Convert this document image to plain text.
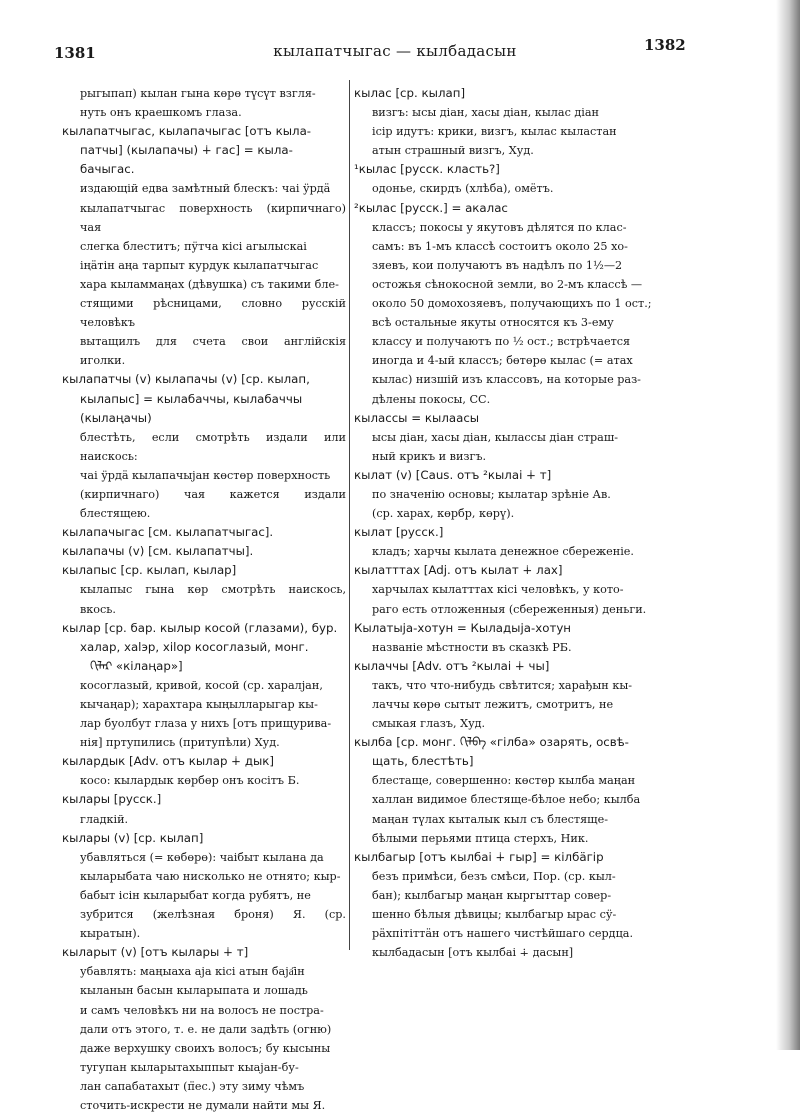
1381	кылапатчыгас — кылбадасын	1382
рыгыпап) кылан гына көрө түсүт взгля-
нуть онъ краешкомъ глаза.
кылапатчыгас, кылапачыгас [отъ кыла-
патчы] (кылапачы) ∔ гас] = кыла-
бачыгас.
издающій едва замѣтный блескъ: чаі ӱрдӓ
кылапатчыгас поверхность (кирпичнаго) чая
слегка блеститъ; пӱтча кісі агылыскаі
іңӓтін аңа тарпыт курдук кылапатчыгас
хара кыламмаңах (дѣвушка) съ такими бле-
стящими рѣсницами, словно русскій человѣкъ
вытащилъ для счета свои англійскія иголки.
кылапатчы (v) кылапачы (v) [ср. кылап,
кылапыс] = кылабаччы, кылабаччы
(кылаңачы)
блестѣть, если смотрѣть издали или наискось:
чаі ӱрдӓ кылапачыјан көстөр поверхность
(кирпичнаго) чая кажется издали блестящею.
кылапачыгас [см. кылапатчыгас].
кылапачы (v) [см. кылапатчы].
кылапыс [ср. кылап, кылар]
кылапыс гына көр смотрѣть наискось, вкось.
кылар [ср. бар. кылыр косой (глазами), бур.
халар, хаlэр, хіlор косоглазый, монг.
ᠬᠢᠯᠠᠷ «кілаңар»]
косоглазый, кривой, косой (ср. харалјан,
кычаңар); харахтара кыңылларыгар кы-
лар буолбут глаза у нихъ [отъ прищурива-
нія] пртупились (притупѣли) Худ.
кылардык [Adv. отъ кылар ∔ дык]
косо: кылардык көрбөр онъ косітъ Б.
кылары [русск.]
гладкій.
кылары (v) [ср. кылап]
убавляться (= көбөрө): чаібыт кылана да
кыларыбата чаю нисколько не отнято; кыр-
бабыт ісін кыларыбат когда рубятъ, не
зубрится (желѣзная броня) Я. (ср. кыратын).
кыларыт (v) [отъ кылары ∔ т]
убавлять: маңыаха аја кісі атын баја҃ін
кыланын басын кыларыпата и лошадь
и самъ человѣкъ ни на волосъ не постра-
дали отъ этого, т. е. не дали задѣть (огню)
даже верхушку своихъ волосъ; бу кысыны
тугупан кыларытахыппыт кыаjан-бу-
лан сапабатахыт (п̈ес.) эту зиму чѣмъ
сточить-искрести не думали найти мы Я.
кылас [ср. кылап]
визгъ: ысы діан, хасы діан, кылас діан
ісір идутъ: крики, визгъ, кылас кыластан
атын страшный визгъ, Худ.
¹кылас [русск. класть?]
одонье, скирдъ (хлѣба), омётъ.
²кылас [русск.] = акалас
классъ; покосы у якутовъ дѣлятся по клас-
самъ: въ 1-мъ классѣ состоитъ около 25 хо-
зяевъ, кои получаютъ въ надѣлъ по 1½—2
остожья сѣнокосной земли, во 2-мъ классѣ —
около 50 домохозяевъ, получающихъ по 1 ост.;
всѣ остальные якуты относятся къ 3-ему
классу и получаютъ по ½ ост.; встрѣчается
иногда и 4-ый классъ; бөтөрө кылас (= атах
кылас) низшій изъ классовъ, на которые раз-
дѣлены покосы, СС.
кылассы = кылаасы
ысы діан, хасы діан, кылассы діан страш-
ный крикъ и визгъ.
кылат (v) [Caus. отъ ²кылаі ∔ т]
по значенію основы; кылатар зрѣніе Ав.
(ср. харах, көрбр, көрү).
кылат [русск.]
кладъ; харчы кылата денежное сбереженіе.
кылатттах [Adj. отъ кылат ∔ лах]
харчылах кылатттах кісі человѣкъ, у кото-
раго есть отложенныя (сбереженныя) деньги.
Кылатыја-хотун = Кыладыја-хотун
названіе мѣстности въ сказкѣ РБ.
кылаччы [Adv. отъ ²кылаі ∔ чы]
такъ, что что-нибудь свѣтится; харађын кы-
лаччы көрө сытыт лежитъ, смотритъ, не
смыкая глазъ, Худ.
кылба [ср. монг. ᠭᠢᠯᠪᠠ «гілба» озарять, освѣ-
щать, блестѣть]
блестаще, совершенно: көстөр кылба маңан
халлан видимое блестяще-бѣлое небо; кылба
маңан түлах кыталык кыл съ блестяще-
бѣлыми перьями птица стерхъ, Ник.
кылбагыр [отъ кылбаі ∔ гыр] = кілбӓгір
безъ примѣси, безъ смѣси, Пор. (ср. кыл-
бан); кылбагыр маңан кыргыттар совер-
шенно бѣлыя дѣвицы; кылбагыр ырас сӱ-
рӓхпітіттӓн отъ нашего чистѣйшаго сердца.
кылбадасын [отъ кылбаі ∔ дасын]
